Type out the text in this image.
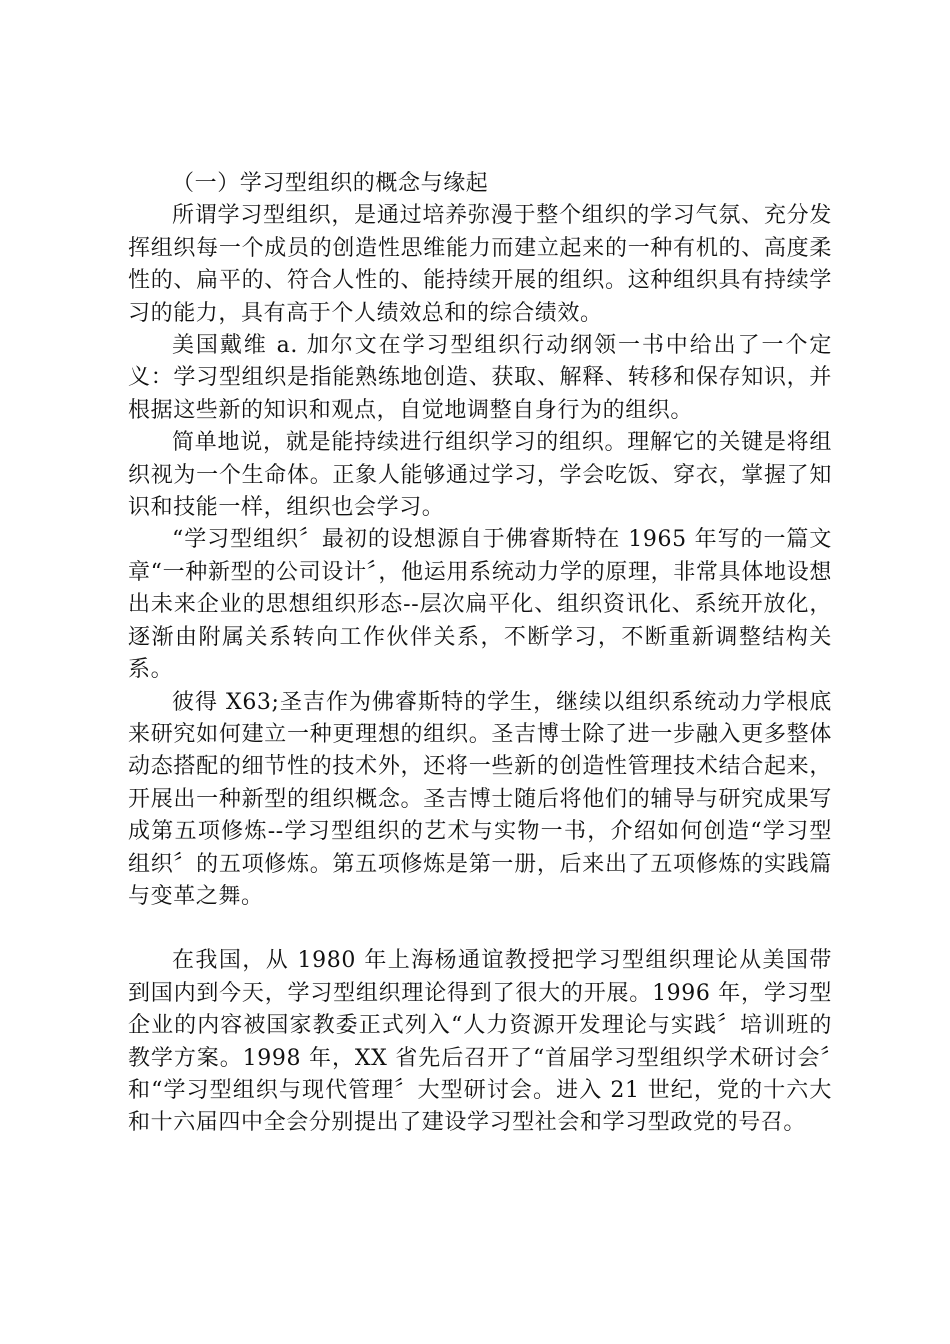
（一）学习型组织的概念与缘起

所谓学习型组织，是通过培养弥漫于整个组织的学习气氛、充分发挥组织每一个成员的创造性思维能力而建立起来的一种有机的、高度柔性的、扁平的、符合人性的、能持续开展的组织。这种组织具有持续学习的能力，具有高于个人绩效总和的综合绩效。

美国戴维 a. 加尔文在学习型组织行动纲领一书中给出了一个定义：学习型组织是指能熟练地创造、获取、解释、转移和保存知识，并根据这些新的知识和观点，自觉地调整自身行为的组织。

简单地说，就是能持续进行组织学习的组织。理解它的关键是将组织视为一个生命体。正象人能够通过学习，学会吃饭、穿衣，掌握了知识和技能一样，组织也会学习。

“学习型组织〞最初的设想源自于佛睿斯特在 1965 年写的一篇文章“一种新型的公司设计〞，他运用系统动力学的原理，非常具体地设想出未来企业的思想组织形态--层次扁平化、组织资讯化、系统开放化，逐渐由附属关系转向工作伙伴关系，不断学习，不断重新调整结构关系。

彼得 X63;圣吉作为佛睿斯特的学生，继续以组织系统动力学根底来研究如何建立一种更理想的组织。圣吉博士除了进一步融入更多整体动态搭配的细节性的技术外，还将一些新的创造性管理技术结合起来，开展出一种新型的组织概念。圣吉博士随后将他们的辅导与研究成果写成第五项修炼--学习型组织的艺术与实物一书，介绍如何创造“学习型组织〞的五项修炼。第五项修炼是第一册，后来出了五项修炼的实践篇与变革之舞。

在我国，从 1980 年上海杨通谊教授把学习型组织理论从美国带到国内到今天，学习型组织理论得到了很大的开展。1996 年，学习型企业的内容被国家教委正式列入“人力资源开发理论与实践〞培训班的教学方案。1998 年，XX 省先后召开了“首届学习型组织学术研讨会〞和“学习型组织与现代管理〞大型研讨会。进入 21 世纪，党的十六大和十六届四中全会分别提出了建设学习型社会和学习型政党的号召。
